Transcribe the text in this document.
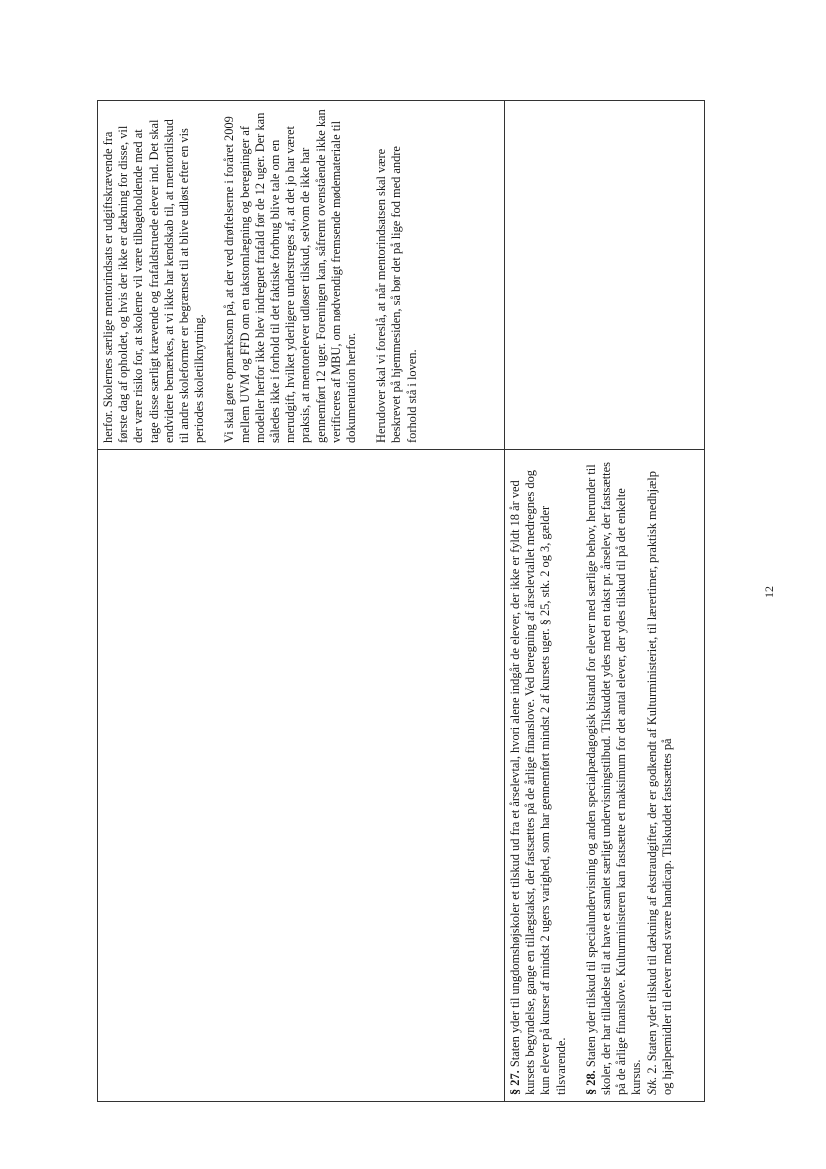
herfor. Skolernes særlige mentorindsats er udgiftskrævende fra første dag af opholdet, og hvis der ikke er dækning for disse, vil der være risiko for, at skolerne vil være tilbageholdende med at tage disse særligt krævende og frafaldstruede elever ind. Det skal endvidere bemærkes, at vi ikke har kendskab til, at mentortilskud til andre skoleformer er begrænset til at blive udløst efter en vis periodes skoletilknytning. Vi skal gøre opmærksom på, at der ved drøftelserne i foråret 2009 mellem UVM og FFD om en takstomlægning og beregninger af modeller herfor ikke blev indregnet frafald før de 12 uger. Der kan således ikke i forhold til det faktiske forbrug blive tale om en merudgift, hvilket yderligere understreges af, at det jo har været praksis, at mentorelever udløser tilskud, selvom de ikke har gennemført 12 uger. Foreningen kan, såfremt ovenstående ikke kan verificeres af MBU, om nødvendigt fremsende mødemateriale til dokumentation herfor. Herudover skal vi foreslå, at når mentorindsatsen skal være beskrevet på hjemmesiden, så bør det på lige fod med andre forhold stå i loven.

§ 27. Staten yder til ungdomshøjskoler et tilskud ud fra et årselevtal, hvori alene indgår de elever, der ikke er fyldt 18 år ved kursets begyndelse, gange en tillægstakst, der fastsættes på de årlige finanslove. Ved beregning af årselevtallet medregnes dog kun elever på kurser af mindst 2 ugers varighed, som har gennemført mindst 2 af kursets uger. § 25, stk. 2 og 3, gælder tilsvarende. § 28. Staten yder tilskud til specialundervisning og anden specialpædagogisk bistand for elever med særlige behov, herunder til skoler, der har tilladelse til at have et samlet særligt undervisningstilbud. Tilskuddet ydes med en takst pr. årselev, der fastsættes på de årlige finanslove. Kulturministeren kan fastsætte et maksimum for det antal elever, der ydes tilskud til på det enkelte kursus. Stk. 2. Staten yder tilskud til dækning af ekstraudgifter, der er godkendt af Kulturministeriet, til lærertimer, praktisk medhjælp og hjælpemidler til elever med svære handicap. Tilskuddet fastsættes på

12
